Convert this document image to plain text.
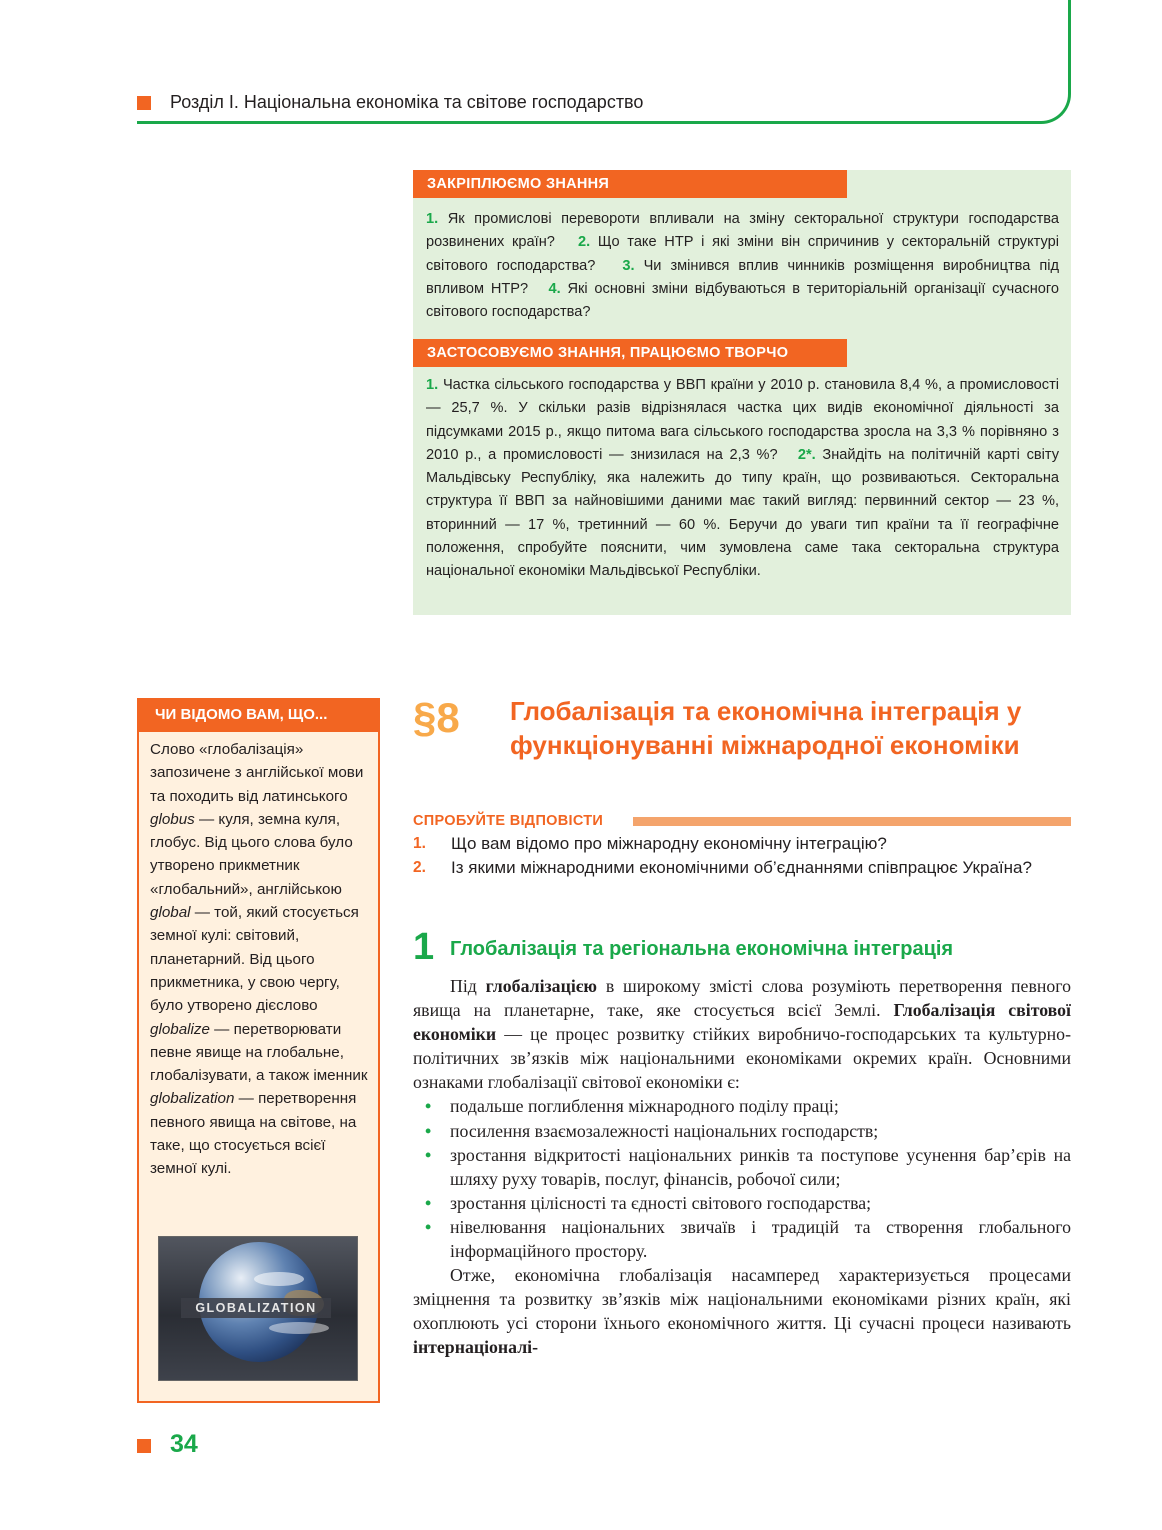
Розділ І. Національна економіка та світове господарство
ЗАКРІПЛЮЄМО ЗНАННЯ
1. Як промислові перевороти впливали на зміну секторальної структури господарства розвинених країн? 2. Що таке НТР і які зміни він спричинив у секторальній структурі світового господарства? 3. Чи змінився вплив чинників розміщення виробництва під впливом НТР? 4. Які основні зміни відбуваються в територіальній організації сучасного світового господарства?
ЗАСТОСОВУЄМО ЗНАННЯ, ПРАЦЮЄМО ТВОРЧО
1. Частка сільського господарства у ВВП країни у 2010 р. становила 8,4 %, а промисловості — 25,7 %. У скільки разів відрізнялася частка цих видів економічної діяльності за підсумками 2015 р., якщо питома вага сільського господарства зросла на 3,3 % порівняно з 2010 р., а промисловості — знизилася на 2,3 %? 2*. Знайдіть на політичній карті світу Мальдівську Республіку, яка належить до типу країн, що розвиваються. Секторальна структура її ВВП за найновішими даними має такий вигляд: первинний сектор — 23 %, вторинний — 17 %, третинний — 60 %. Беручи до уваги тип країни та її географічне положення, спробуйте пояснити, чим зумовлена саме така секторальна структура національної економіки Мальдівської Республіки.
ЧИ ВІДОМО ВАМ, ЩО...
Слово «глобалізація» запозичене з англійської мови та походить від латинського globus — куля, земна куля, глобус. Від цього слова було утворено прикметник «глобальний», англійською global — той, який стосується земної кулі: світовий, планетарний. Від цього прикметника, у свою чергу, було утворено дієслово globalize — перетворювати певне явище на глобальне, глобалізувати, а також іменник globalization — перетворення певного явища на світове, на таке, що стосується всієї земної кулі.
GLOBALIZATION
§8 Глобалізація та економічна інтеграція у функціонуванні міжнародної економіки
СПРОБУЙТЕ ВІДПОВІСТИ
1. Що вам відомо про міжнародну економічну інтеграцію?
2. Із якими міжнародними економічними об’єднаннями співпрацює Україна?
1 Глобалізація та регіональна економічна інтеграція

Під глобалізацією в широкому змісті слова розуміють перетворення певного явища на планетарне, таке, яке стосується всієї Землі. Глобалізація світової економіки — це процес розвитку стійких виробничо-господарських та культурно-політичних зв’язків між національними економіками окремих країн. Основними ознаками глобалізації світової економіки є:

• подальше поглиблення міжнародного поділу праці;
• посилення взаємозалежності національних господарств;
• зростання відкритості національних ринків та поступове усунення бар’єрів на шляху руху товарів, послуг, фінансів, робочої сили;
• зростання цілісності та єдності світового господарства;
• нівелювання національних звичаїв і традицій та створення глобального інформаційного простору.

Отже, економічна глобалізація насамперед характеризується процесами зміцнення та розвитку зв’язків між національними економіками різних країн, які охоплюють усі сторони їхнього економічного життя. Ці сучасні процеси називають інтернаціоналі-

34
